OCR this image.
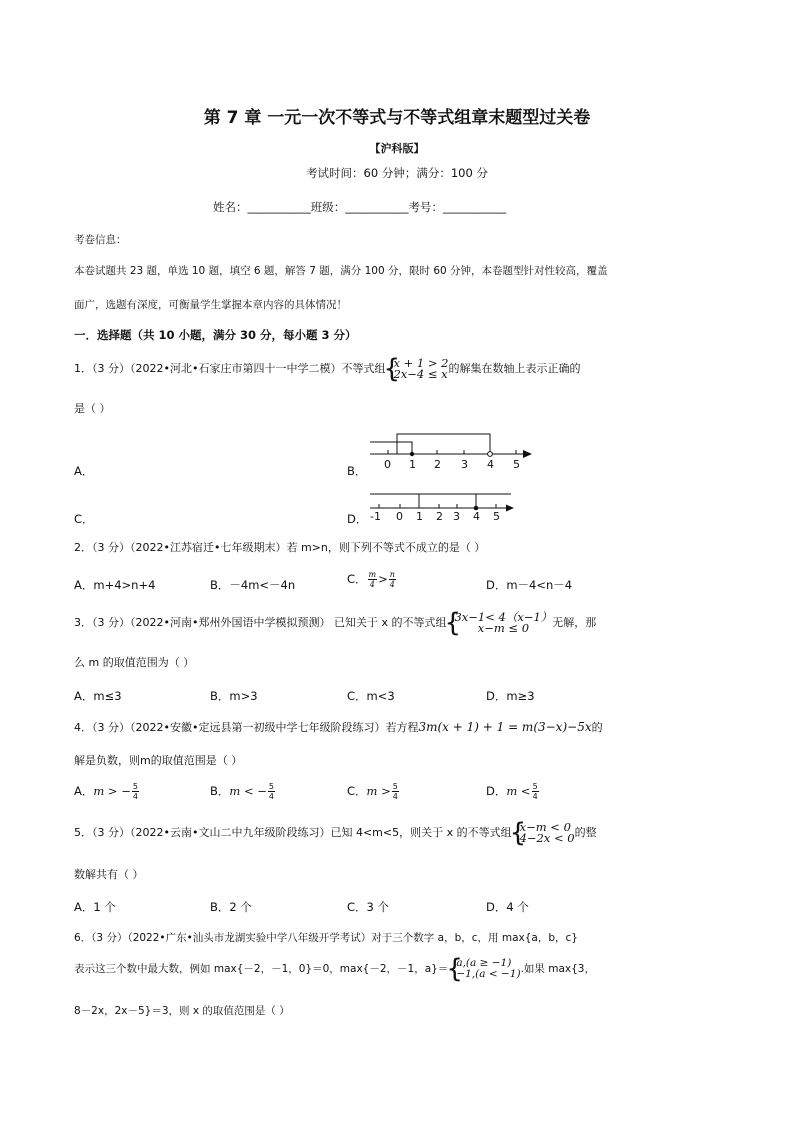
第 7 章 一元一次不等式与不等式组章末题型过关卷
【沪科版】
考试时间：60 分钟；满分：100 分
姓名：___________班级：___________考号：___________
考卷信息：
本卷试题共 23 题，单选 10 题，填空 6 题，解答 7 题，满分 100 分，限时 60 分钟，本卷题型针对性较高，覆盖
面广，选题有深度，可衡量学生掌握本章内容的具体情况！
一．选择题（共 10 小题，满分 30 分，每小题 3 分）
1．（3 分）（2022•河北•石家庄市第四十一中学二模）不等式组 { x + 1 > 2
2x−4 ≤ x 的解集在数轴上表示正确的
是（ ）
A．	B．
C．	D．
0 1 2 3 4 5
-1 0 1 2 3 4 5
2．（3 分）（2022•江苏宿迁•七年级期末）若 m>n，则下列不等式不成立的是（ ）
A．m+4>n+4	B．－4m<－4n	C． $\frac{m}{4} > \frac{n}{4}$	D．m－4<n－4
3．（3 分）（2022•河南•郑州外国语中学模拟预测） 已知关于 x 的不等式组 { 3x−1< 4（x−1）
x−m ≤ 0	无解，那
么 m 的取值范围为（ ）
A．m≤3	B．m>3	C．m<3	D．m≥3
4．（3 分）（2022•安徽•定远县第一初级中学七年级阶段练习）若方程3m(x + 1) + 1 = m(3−x)−5x的
解是负数，则m的取值范围是（ ）
A．m > − $\frac{5}{4}$	B．m < − $\frac{5}{4}$	C．$m > \frac{5}{4}$	D．$m < \frac{5}{4}$
5．（3 分）（2022•云南•文山二中九年级阶段练习）已知 4<m<5，则关于 x 的不等式组 { x−m < 0
4−2x < 0 的整
数解共有（ ）
A．1 个	B．2 个	C．3 个	D．4 个
6．（3 分）（2022•广东•汕头市龙湖实验中学八年级开学考试）对于三个数字 a，b，c，用 max{a，b，c}
表示这三个数中最大数，例如 max{－2，－1，0}＝0，max{－2，－1，a}＝ { a,(a ≥ −1)
−1,(a < −1) .如果 max{3，
8－2x，2x－5}＝3，则 x 的取值范围是（ ）
